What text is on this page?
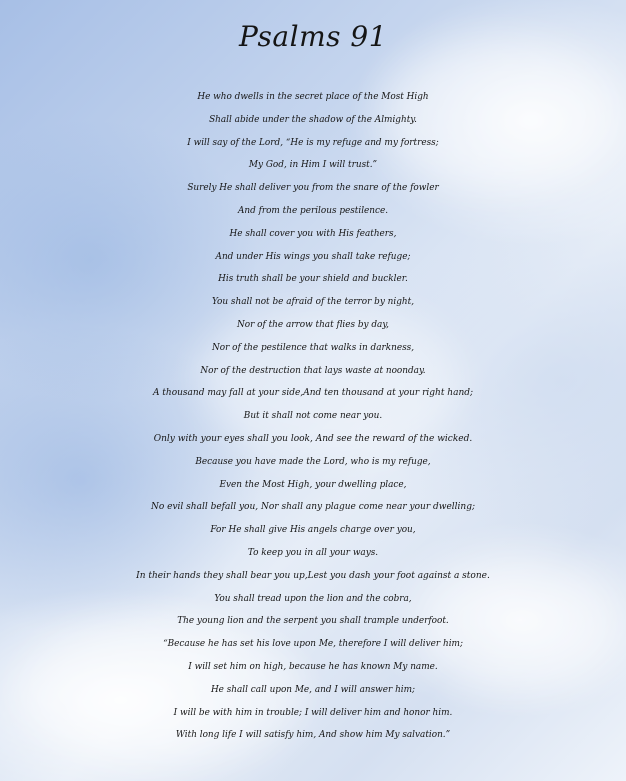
Psalms 91
He who dwells in the secret place of the Most High
Shall abide under the shadow of the Almighty.
I will say of the Lord, “He is my refuge and my fortress;
My God, in Him I will trust.”
Surely He shall deliver you from the snare of the fowler
And from the perilous pestilence.
He shall cover you with His feathers,
And under His wings you shall take refuge;
His truth shall be your shield and buckler.
You shall not be afraid of the terror by night,
Nor of the arrow that flies by day,
Nor of the pestilence that walks in darkness,
Nor of the destruction that lays waste at noonday.
A thousand may fall at your side,And ten thousand at your right hand;
But it shall not come near you.
Only with your eyes shall you look, And see the reward of the wicked.
Because you have made the Lord, who is my refuge,
Even the Most High, your dwelling place,
No evil shall befall you, Nor shall any plague come near your dwelling;
For He shall give His angels charge over you,
To keep you in all your ways.
In their hands they shall bear you up,Lest you dash your foot against a stone.
You shall tread upon the lion and the cobra,
The young lion and the serpent you shall trample underfoot.
“Because he has set his love upon Me, therefore I will deliver him;
I will set him on high, because he has known My name.
He shall call upon Me, and I will answer him;
I will be with him in trouble; I will deliver him and honor him.
With long life I will satisfy him, And show him My salvation.”
